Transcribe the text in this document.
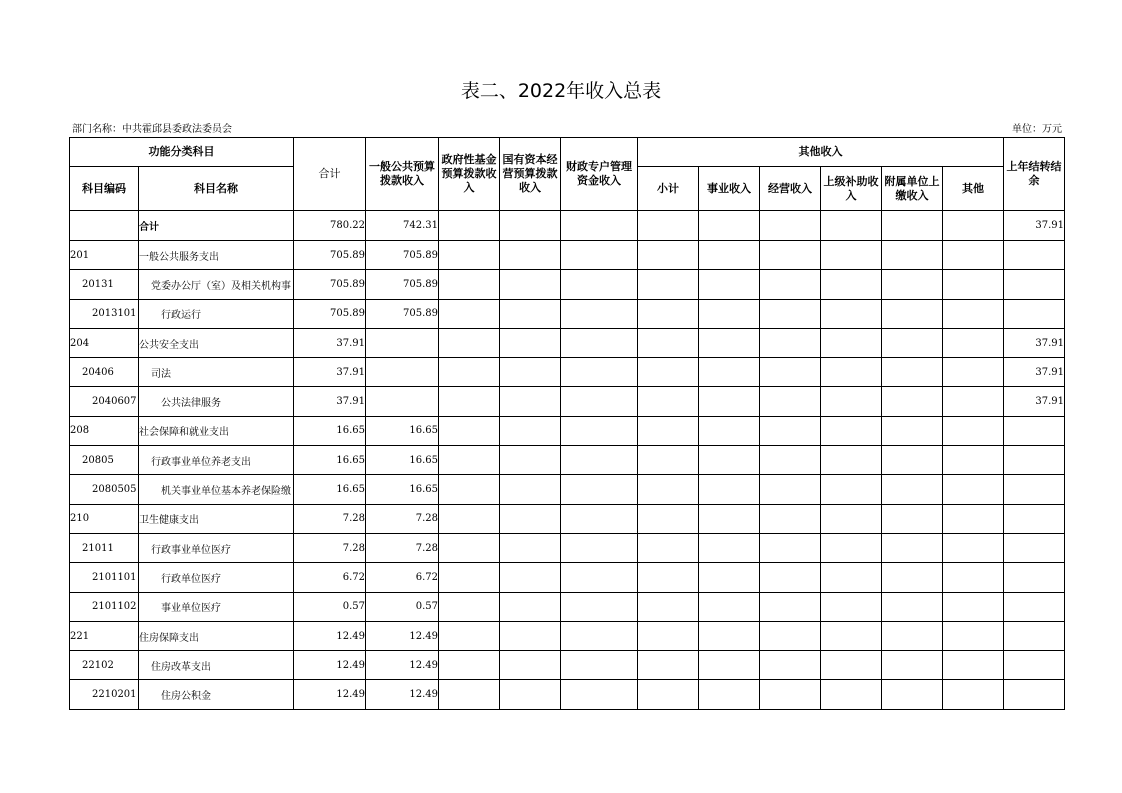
表二、2022年收入总表
部门名称：中共霍邱县委政法委员会	单位：万元
功能分类科目		合计	一般公共预算拨款收入	政府性基金预算拨款收入	国有资本经营预算拨款收入	财政专户管理资金收入	其他收入						上年结转结余
科目编码	科目名称						小计	事业收入	经营收入	上级补助收入	附属单位上缴收入	其他	
	合计	780.22	742.31										37.91
201	一般公共服务支出	705.89	705.89										
20131	党委办公厅（室）及相关机构事	705.89	705.89										
2013101	行政运行	705.89	705.89										
204	公共安全支出	37.91											37.91
20406	司法	37.91											37.91
2040607	公共法律服务	37.91											37.91
208	社会保障和就业支出	16.65	16.65										
20805	行政事业单位养老支出	16.65	16.65										
2080505	机关事业单位基本养老保险缴	16.65	16.65										
210	卫生健康支出	7.28	7.28										
21011	行政事业单位医疗	7.28	7.28										
2101101	行政单位医疗	6.72	6.72										
2101102	事业单位医疗	0.57	0.57										
221	住房保障支出	12.49	12.49										
22102	住房改革支出	12.49	12.49										
2210201	住房公积金	12.49	12.49										
